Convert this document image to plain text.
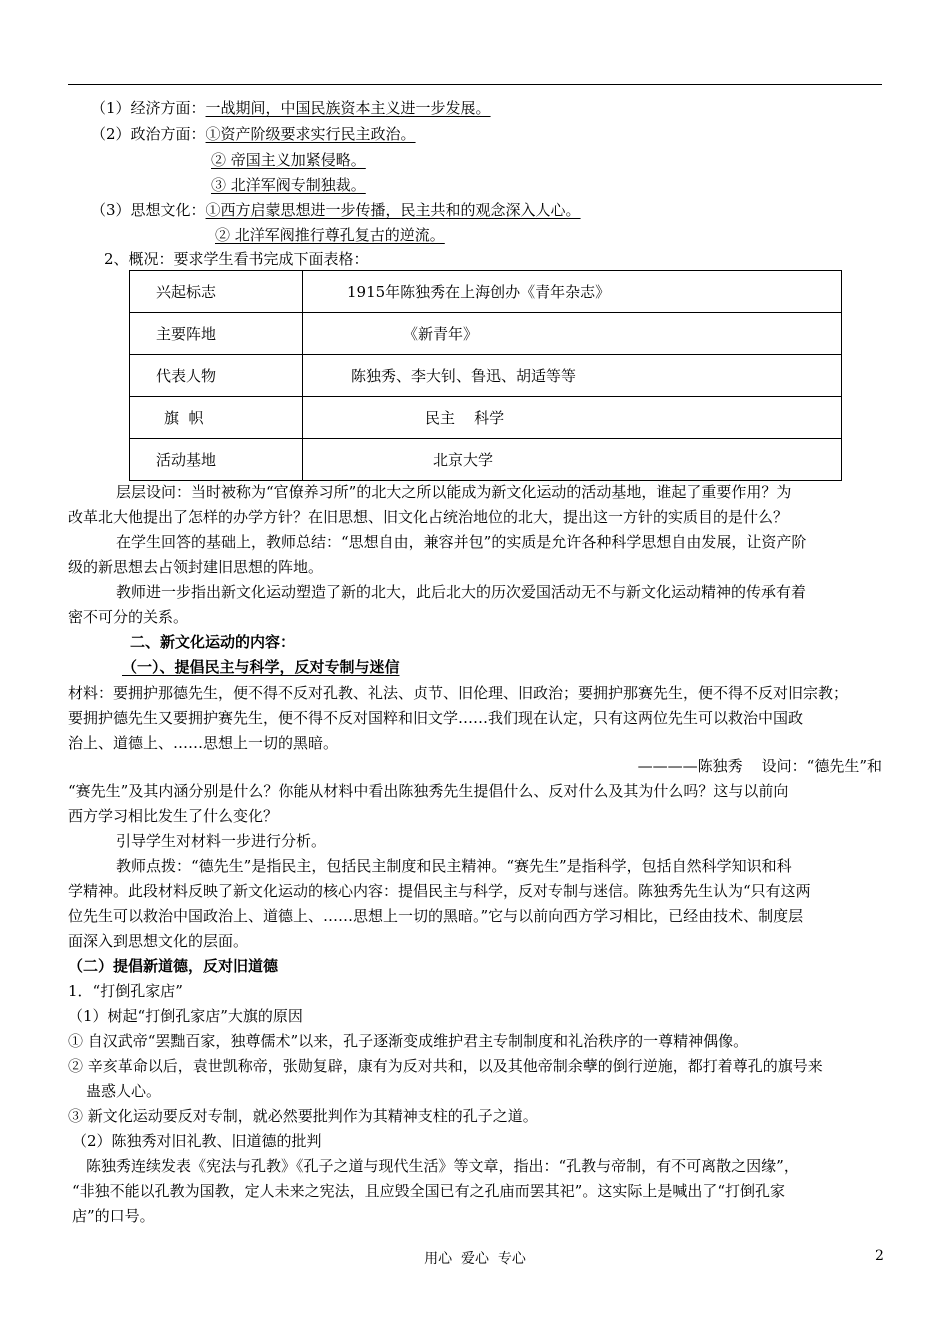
（1）经济方面：一战期间，中国民族资本主义进一步发展。
（2）政治方面：①资产阶级要求实行民主政治。
② 帝国主义加紧侵略。
③ 北洋军阀专制独裁。
（3）思想文化：①西方启蒙思想进一步传播，民主共和的观念深入人心。
② 北洋军阀推行尊孔复古的逆流。
2、概况：要求学生看书完成下面表格：
兴起标志	1915年陈独秀在上海创办《青年杂志》
主要阵地	《新青年》
代表人物	陈独秀、李大钊、鲁迅、胡适等等
旗  帜	民主    科学
活动基地	北京大学
层层设问：当时被称为“官僚养习所”的北大之所以能成为新文化运动的活动基地，谁起了重要作用？为
改革北大他提出了怎样的办学方针？在旧思想、旧文化占统治地位的北大，提出这一方针的实质目的是什么？
在学生回答的基础上，教师总结：“思想自由，兼容并包”的实质是允许各种科学思想自由发展，让资产阶
级的新思想去占领封建旧思想的阵地。
教师进一步指出新文化运动塑造了新的北大，此后北大的历次爱国活动无不与新文化运动精神的传承有着
密不可分的关系。
二、新文化运动的内容：
（一）、提倡民主与科学，反对专制与迷信
材料：要拥护那德先生，便不得不反对孔教、礼法、贞节、旧伦理、旧政治；要拥护那赛先生，便不得不反对旧宗教；
要拥护德先生又要拥护赛先生，便不得不反对国粹和旧文学……我们现在认定，只有这两位先生可以救治中国政
治上、道德上、……思想上一切的黑暗。
————陈独秀    设问：“德先生”和
“赛先生”及其内涵分别是什么？你能从材料中看出陈独秀先生提倡什么、反对什么及其为什么吗？这与以前向
西方学习相比发生了什么变化？
引导学生对材料一步进行分析。
教师点拨：“德先生”是指民主，包括民主制度和民主精神。“赛先生”是指科学，包括自然科学知识和科
学精神。此段材料反映了新文化运动的核心内容：提倡民主与科学，反对专制与迷信。陈独秀先生认为“只有这两
位先生可以救治中国政治上、道德上、……思想上一切的黑暗。”它与以前向西方学习相比，已经由技术、制度层
面深入到思想文化的层面。
（二）提倡新道德，反对旧道德
1．“打倒孔家店”
（1）树起“打倒孔家店”大旗的原因
① 自汉武帝“罢黜百家，独尊儒术”以来，孔子逐渐变成维护君主专制制度和礼治秩序的一尊精神偶像。
② 辛亥革命以后，袁世凯称帝，张勋复辟，康有为反对共和，以及其他帝制余孽的倒行逆施，都打着尊孔的旗号来
蛊惑人心。
③ 新文化运动要反对专制，就必然要批判作为其精神支柱的孔子之道。
（2）陈独秀对旧礼教、旧道德的批判
陈独秀连续发表《宪法与孔教》《孔子之道与现代生活》等文章，指出：“孔教与帝制，有不可离散之因缘”，
“非独不能以孔教为国教，定人未来之宪法，且应毁全国已有之孔庙而罢其祀”。这实际上是喊出了“打倒孔家
店”的口号。
用心  爱心  专心	2
